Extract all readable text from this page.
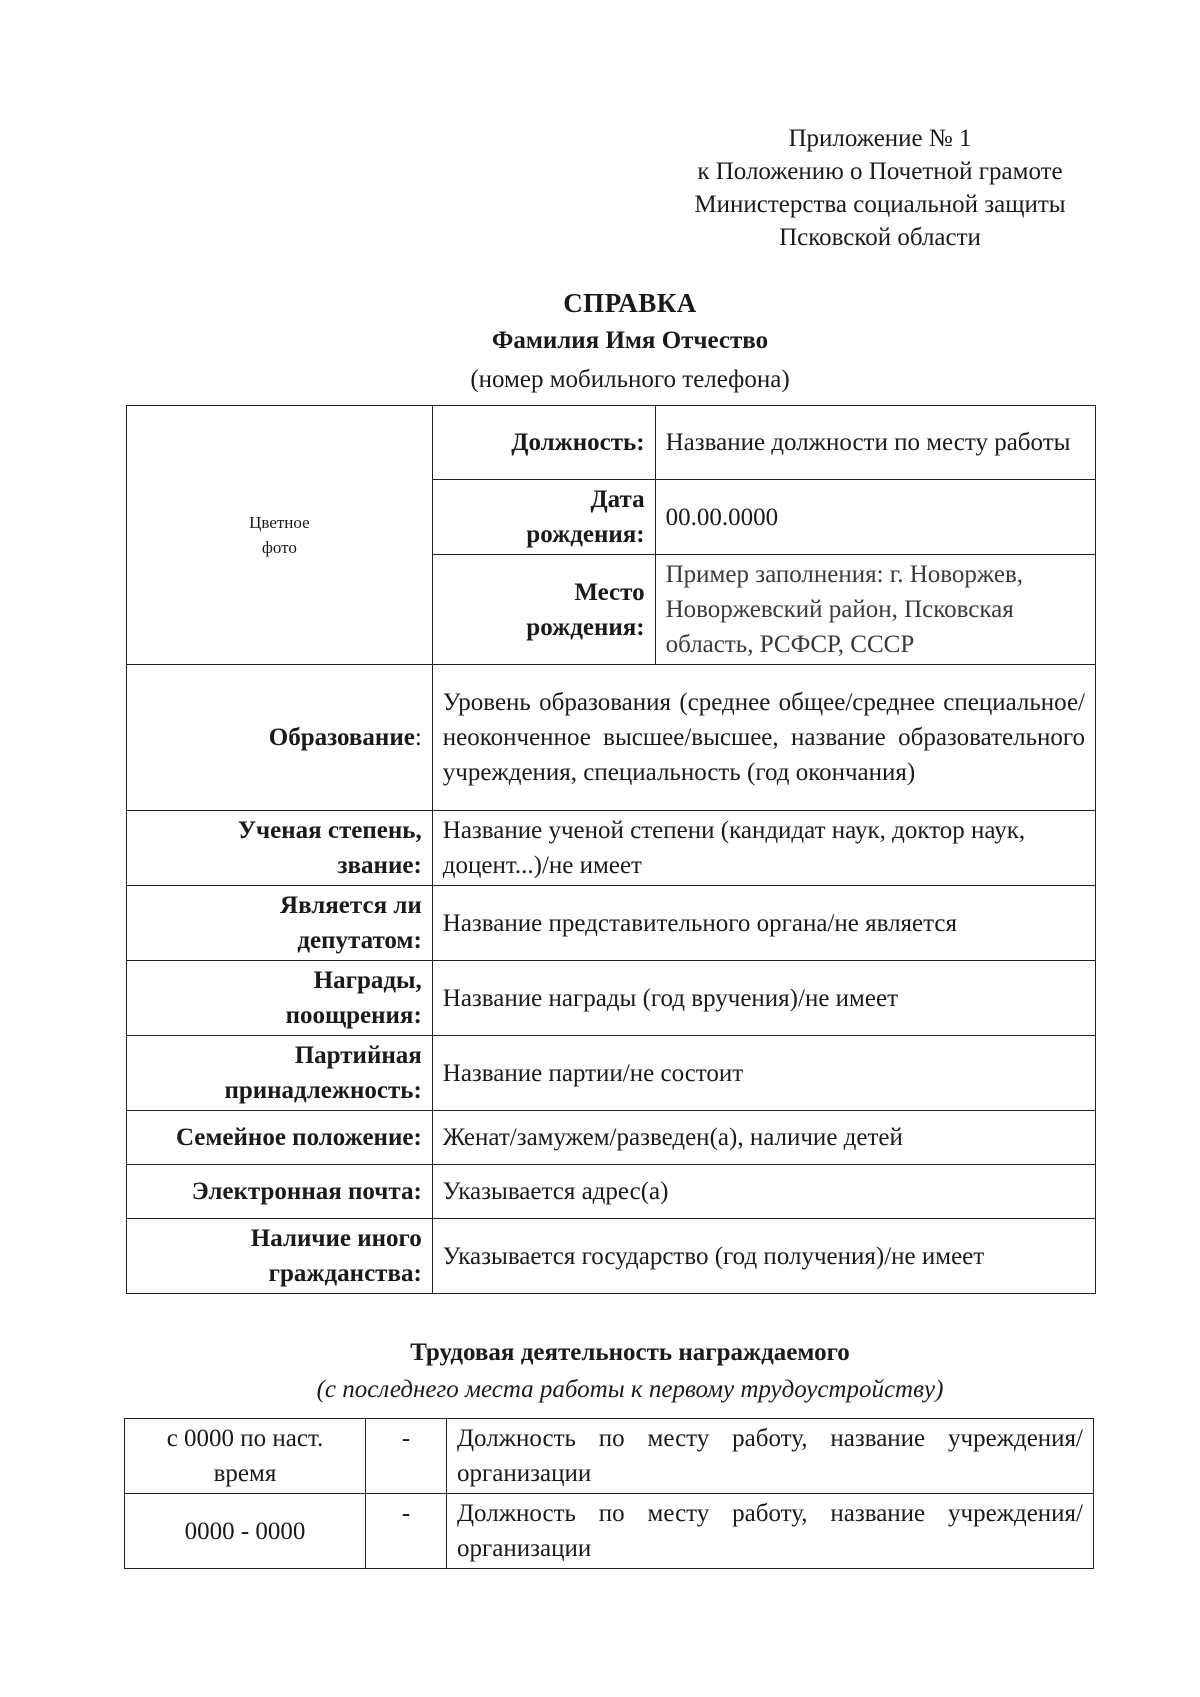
Приложение № 1
к Положению о Почетной грамоте
Министерства социальной защиты
Псковской области
СПРАВКА
Фамилия Имя Отчество
(номер мобильного телефона)
Цветное
фото	Должность:	Название должности по месту работы

	Дата
рождения:	00.00.0000

	Место
рождения:	Пример заполнения: г. Новоржев, Новоржевский район, Псковская область, РСФСР, СССР
Образование:	Уровень образования (среднее общее/среднее специальное/неоконченное высшее/высшее, название образовательного учреждения, специальность (год окончания)	

Ученая степень,
звание:	Название ученой степени (кандидат наук, доктор наук, доцент...)/не имеет	

Является ли
депутатом:	Название представительного органа/не является	

Награды,
поощрения:	Название награды (год вручения)/не имеет	

Партийная
принадлежность:	Название партии/не состоит	
Семейное положение:	Женат/замужем/разведен(а), наличие детей	
Электронная почта:	Указывается адрес(а)	

Наличие иного
гражданства:	Указывается государство (год получения)/не имеет	
Трудовая деятельность награждаемого
(с последнего места работы к первому трудоустройству)
с 0000 по наст. время	-	Должность по месту работу, название учреждения/организации
0000 - 0000	-	Должность по месту работу, название учреждения/организации
